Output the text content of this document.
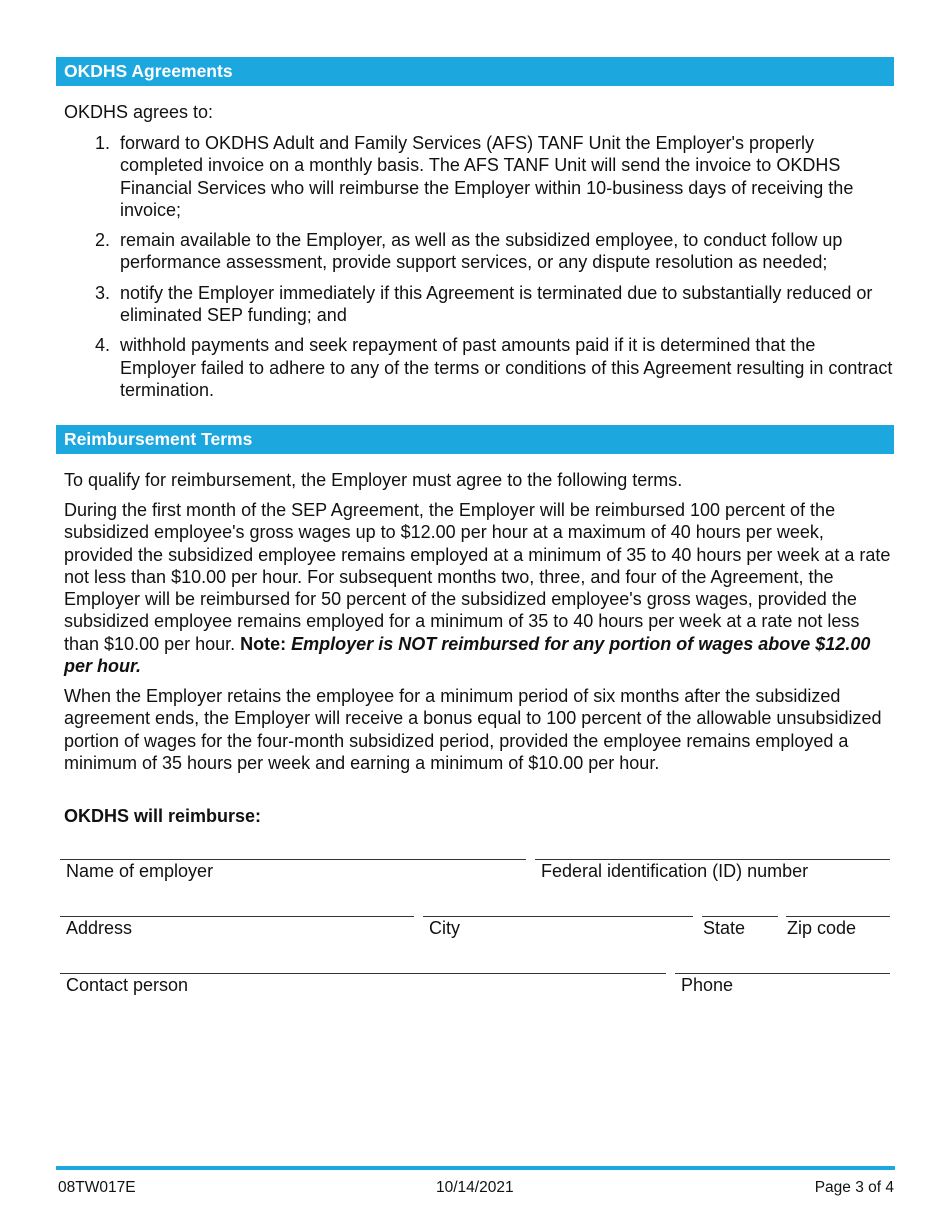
OKDHS Agreements

OKDHS agrees to:

1. forward to OKDHS Adult and Family Services (AFS) TANF Unit the Employer's properly completed invoice on a monthly basis. The AFS TANF Unit will send the invoice to OKDHS Financial Services who will reimburse the Employer within 10-business days of receiving the invoice;
2. remain available to the Employer, as well as the subsidized employee, to conduct follow up performance assessment, provide support services, or any dispute resolution as needed;
3. notify the Employer immediately if this Agreement is terminated due to substantially reduced or eliminated SEP funding; and
4. withhold payments and seek repayment of past amounts paid if it is determined that the Employer failed to adhere to any of the terms or conditions of this Agreement resulting in contract termination.
Reimbursement Terms

To qualify for reimbursement, the Employer must agree to the following terms.

During the first month of the SEP Agreement, the Employer will be reimbursed 100 percent of the subsidized employee's gross wages up to $12.00 per hour at a maximum of 40 hours per week, provided the subsidized employee remains employed at a minimum of 35 to 40 hours per week at a rate not less than $10.00 per hour. For subsequent months two, three, and four of the Agreement, the Employer will be reimbursed for 50 percent of the subsidized employee's gross wages, provided the subsidized employee remains employed for a minimum of 35 to 40 hours per week at a rate not less than $10.00 per hour. Note: Employer is NOT reimbursed for any portion of wages above $12.00 per hour.

When the Employer retains the employee for a minimum period of six months after the subsidized agreement ends, the Employer will receive a bonus equal to 100 percent of the allowable unsubsidized portion of wages for the four-month subsidized period, provided the employee remains employed a minimum of 35 hours per week and earning a minimum of $10.00 per hour.

OKDHS will reimburse:

Name of employer	Federal identification (ID) number
Address	City	State Zip code
Contact person	Phone
08TW017E	10/14/2021	Page 3 of 4
